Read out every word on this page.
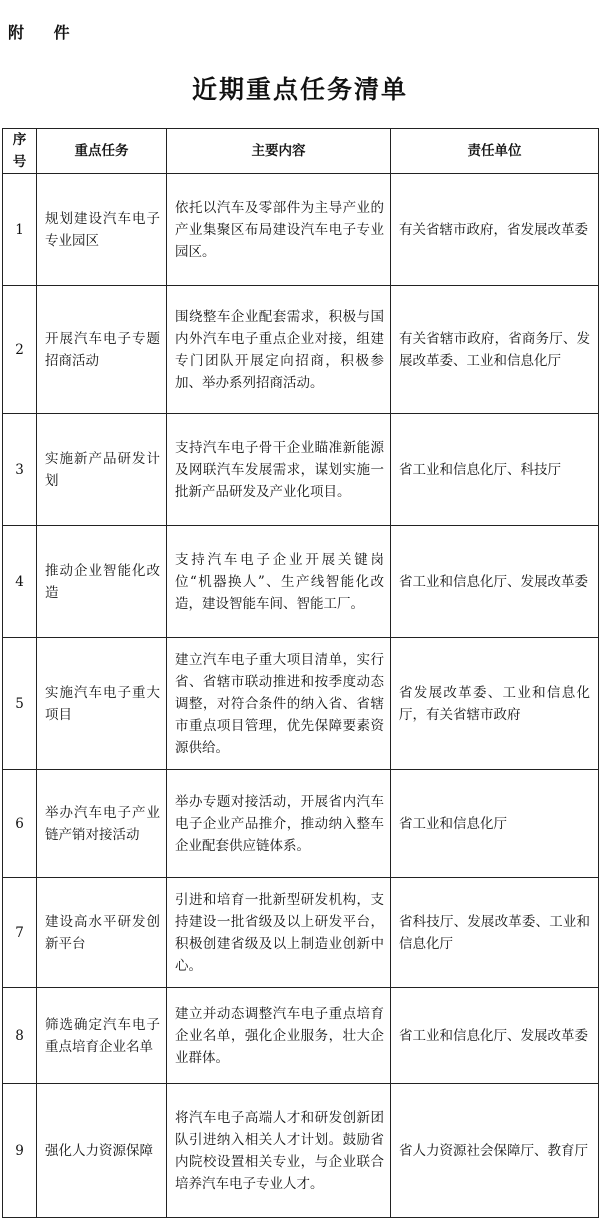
附 件
近期重点任务清单
序号	重点任务	主要内容	责任单位
1	规划建设汽车电子专业园区	依托以汽车及零部件为主导产业的产业集聚区布局建设汽车电子专业园区。	有关省辖市政府，省发展改革委
2	开展汽车电子专题招商活动	围绕整车企业配套需求，积极与国内外汽车电子重点企业对接，组建专门团队开展定向招商，积极参加、举办系列招商活动。	有关省辖市政府，省商务厅、发展改革委、工业和信息化厅
3	实施新产品研发计划	支持汽车电子骨干企业瞄准新能源及网联汽车发展需求，谋划实施一批新产品研发及产业化项目。	省工业和信息化厅、科技厅
4	推动企业智能化改造	支持汽车电子企业开展关键岗位“机器换人”、生产线智能化改造，建设智能车间、智能工厂。	省工业和信息化厅、发展改革委
5	实施汽车电子重大项目	建立汽车电子重大项目清单，实行省、省辖市联动推进和按季度动态调整，对符合条件的纳入省、省辖市重点项目管理，优先保障要素资源供给。	省发展改革委、工业和信息化厅，有关省辖市政府
6	举办汽车电子产业链产销对接活动	举办专题对接活动，开展省内汽车电子企业产品推介，推动纳入整车企业配套供应链体系。	省工业和信息化厅
7	建设高水平研发创新平台	引进和培育一批新型研发机构，支持建设一批省级及以上研发平台，积极创建省级及以上制造业创新中心。	省科技厅、发展改革委、工业和信息化厅
8	筛选确定汽车电子重点培育企业名单	建立并动态调整汽车电子重点培育企业名单，强化企业服务，壮大企业群体。	省工业和信息化厅、发展改革委
9	强化人力资源保障	将汽车电子高端人才和研发创新团队引进纳入相关人才计划。鼓励省内院校设置相关专业，与企业联合培养汽车电子专业人才。	省人力资源社会保障厅、教育厅
